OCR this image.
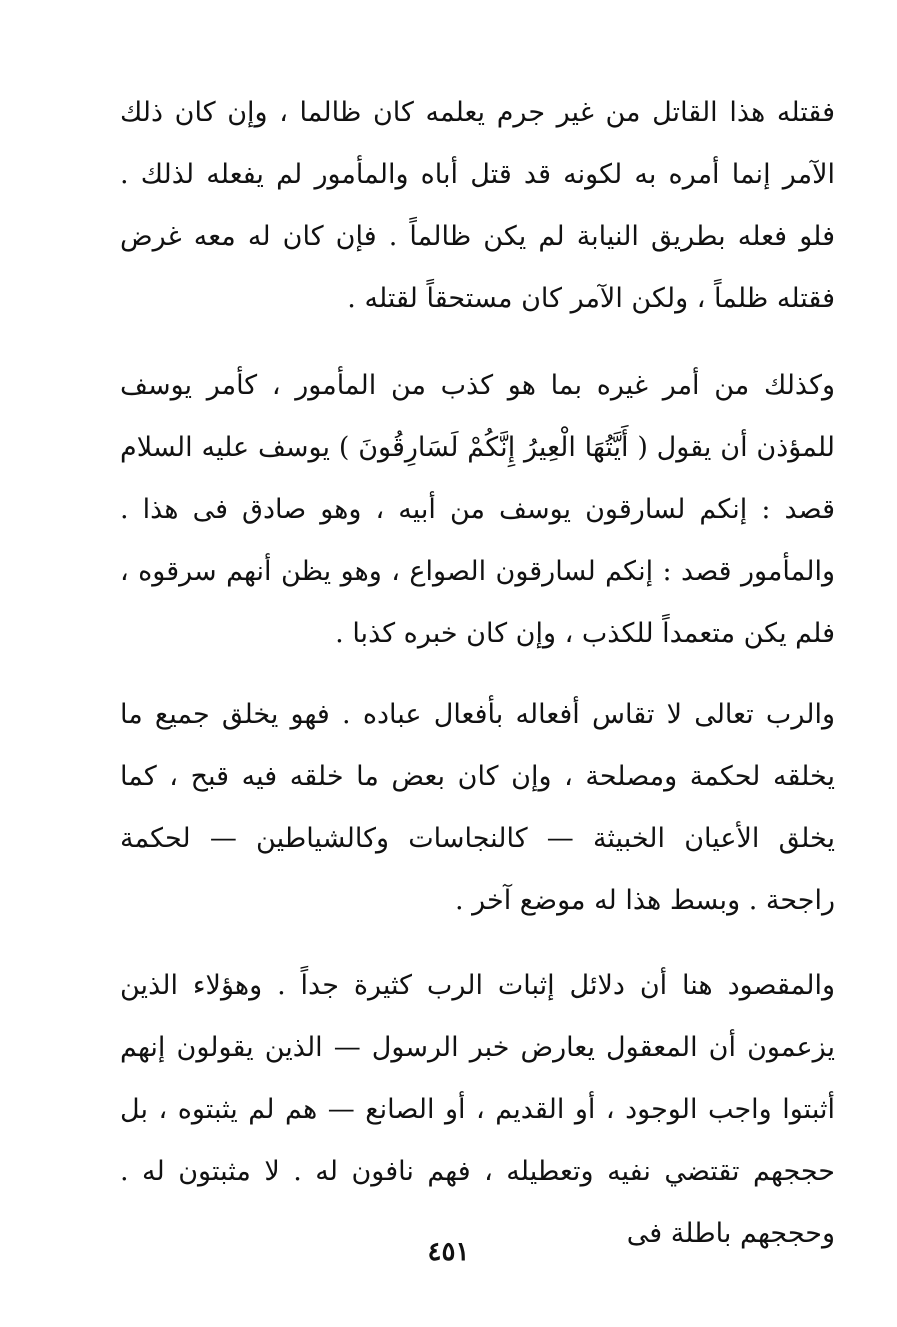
فقتله هذا القاتل من غير جرم يعلمه كان ظالما ، وإن كان ذلك الآمر إنما أمره به لكونه قد قتل أباه والمأمور لم يفعله لذلك . فلو فعله بطريق النيابة لم يكن ظالماً . فإن كان له معه غرض فقتله ظلماً ، ولكن الآمر كان مستحقاً لقتله .

وكذلك من أمر غيره بما هو كذب من المأمور ، كأمر يوسف للمؤذن أن يقول ( أَيَّتُهَا الْعِيرُ إِنَّكُمْ لَسَارِقُونَ ) يوسف عليه السلام قصد : إنكم لسارقون يوسف من أبيه ، وهو صادق فى هذا . والمأمور قصد : إنكم لسارقون الصواع ، وهو يظن أنهم سرقوه ، فلم يكن متعمداً للكذب ، وإن كان خبره كذبا .

والرب تعالى لا تقاس أفعاله بأفعال عباده . فهو يخلق جميع ما يخلقه لحكمة ومصلحة ، وإن كان بعض ما خلقه فيه قبح ، كما يخلق الأعيان الخبيثة — كالنجاسات وكالشياطين — لحكمة راجحة . وبسط هذا له موضع آخر .

والمقصود هنا أن دلائل إثبات الرب كثيرة جداً . وهؤلاء الذين يزعمون أن المعقول يعارض خبر الرسول — الذين يقولون إنهم أثبتوا واجب الوجود ، أو القديم ، أو الصانع — هم لم يثبتوه ، بل حججهم تقتضي نفيه وتعطيله ، فهم نافون له . لا مثبتون له . وحججهم باطلة فى

٤٥١
